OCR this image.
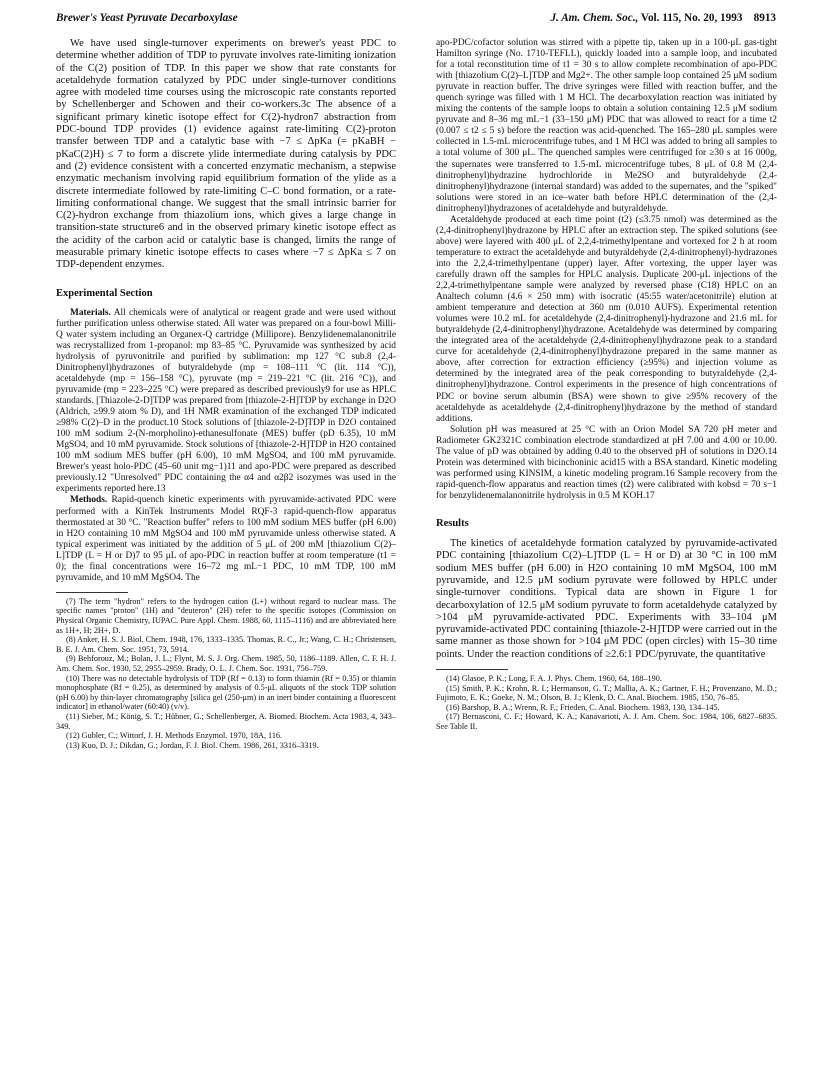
Brewer's Yeast Pyruvate Decarboxylase	J. Am. Chem. Soc., Vol. 115, No. 20, 1993 8913

We have used single-turnover experiments on brewer's yeast PDC to determine whether addition of TDP to pyruvate involves rate-limiting ionization of the C(2) position of TDP. In this paper we show that rate constants for acetaldehyde formation catalyzed by PDC under single-turnover conditions agree with modeled time courses using the microscopic rate constants reported by Schellenberger and Schowen and their co-workers.3c The absence of a significant primary kinetic isotope effect for C(2)-hydron7 abstraction from PDC-bound TDP provides (1) evidence against rate-limiting C(2)-proton transfer between TDP and a catalytic base with −7 ≤ ΔpKa (= pKaBH − pKaC(2)H) ≤ 7 to form a discrete ylide intermediate during catalysis by PDC and (2) evidence consistent with a concerted enzymatic mechanism, a stepwise enzymatic mechanism involving rapid equilibrium formation of the ylide as a discrete intermediate followed by rate-limiting C–C bond formation, or a rate-limiting conformational change. We suggest that the small intrinsic barrier for C(2)-hydron exchange from thiazolium ions, which gives a large change in transition-state structure6 and in the observed primary kinetic isotope effect as the acidity of the carbon acid or catalytic base is changed, limits the range of measurable primary kinetic isotope effects to cases where −7 ≤ ΔpKa ≤ 7 on TDP-dependent enzymes.

Experimental Section

Materials. All chemicals were of analytical or reagent grade and were used without further purification unless otherwise stated. All water was prepared on a four-bowl Milli-Q water system including an Organex-Q cartridge (Millipore). Benzylidenemalanonitrile was recrystallized from 1-propanol: mp 83–85 °C. Pyruvamide was synthesized by acid hydrolysis of pyruvonitrile and purified by sublimation: mp 127 °C sub.8 (2,4-Dinitrophenyl)hydrazones of butyraldehyde (mp = 108–111 °C (lit. 114 °C)), acetaldehyde (mp = 156–158 °C), pyruvate (mp = 219–221 °C (lit. 216 °C)), and pyruvamide (mp = 223–225 °C) were prepared as described previously9 for use as HPLC standards. [Thiazole-2-D]TDP was prepared from [thiazole-2-H]TDP by exchange in D2O (Aldrich, ≥99.9 atom % D), and 1H NMR examination of the exchanged TDP indicated ≥98% C(2)–D in the product.10 Stock solutions of [thiazole-2-D]TDP in D2O contained 100 mM sodium 2-(N-morpholino)-ethanesulfonate (MES) buffer (pD 6.35), 10 mM MgSO4, and 10 mM pyruvamide. Stock solutions of [thiazole-2-H]TDP in H2O contained 100 mM sodium MES buffer (pH 6.00), 10 mM MgSO4, and 100 mM pyruvamide. Brewer's yeast holo-PDC (45–60 unit mg−1)11 and apo-PDC were prepared as described previously.12 "Unresolved" PDC containing the α4 and α2β2 isozymes was used in the experiments reported here.13

Methods. Rapid-quench kinetic experiments with pyruvamide-activated PDC were performed with a KinTek Instruments Model RQF-3 rapid-quench-flow apparatus thermostated at 30 °C. "Reaction buffer" refers to 100 mM sodium MES buffer (pH 6.00) in H2O containing 10 mM MgSO4 and 100 mM pyruvamide unless otherwise stated. A typical experiment was initiated by the addition of 5 μL of 200 mM [thiazolium C(2)–L]TDP (L = H or D)7 to 95 μL of apo-PDC in reaction buffer at room temperature (t1 = 0); the final concentrations were 16–72 mg mL−1 PDC, 10 mM TDP, 100 mM pyruvamide, and 10 mM MgSO4. The

(7) The term "hydron" refers to the hydrogen cation (L+) without regard to nuclear mass. The specific names "proton" (1H) and "deuteron" (2H) refer to the specific isotopes (Commission on Physical Organic Chemistry, IUPAC. Pure Appl. Chem. 1988, 60, 1115–1116) and are abbreviated here as 1H+, H; 2H+, D.

(8) Anker, H. S. J. Biol. Chem. 1948, 176, 1333–1335. Thomas, R. C., Jr.; Wang, C. H.; Christensen, B. E. J. Am. Chem. Soc. 1951, 73, 5914.

(9) Behforouz, M.; Bolan, J. L.; Flynt, M. S. J. Org. Chem. 1985, 50, 1186–1189. Allen, C. F. H. J. Am. Chem. Soc. 1930, 52, 2955–2959. Brady, O. L. J. Chem. Soc. 1931, 756–759.

(10) There was no detectable hydrolysis of TDP (Rf = 0.13) to form thiamin (Rf = 0.35) or thiamin monophosphate (Rf = 0.25), as determined by analysis of 0.5-μL aliquots of the stock TDP solution (pH 6.00) by thin-layer chromatography [silica gel (250-μm) in an inert binder containing a fluorescent indicator] in ethanol/water (60:40) (v/v).

(11) Sieber, M.; König, S. T.; Hübner, G.; Schellenberger, A. Biomed. Biochem. Acta 1983, 4, 343–349.

(12) Gubler, C.; Wittorf, J. H. Methods Enzymol. 1970, 18A, 116.

(13) Kuo, D. J.; Dikdan, G.; Jordan, F. J. Biol. Chem. 1986, 261, 3316–3319.

apo-PDC/cofactor solution was stirred with a pipette tip, taken up in a 100-μL gas-tight Hamilton syringe (No. 1710-TEFLL), quickly loaded into a sample loop, and incubated for a total reconstitution time of t1 = 30 s to allow complete recombination of apo-PDC with [thiazolium C(2)–L]TDP and Mg2+. The other sample loop contained 25 μM sodium pyruvate in reaction buffer. The drive syringes were filled with reaction buffer, and the quench syringe was filled with 1 M HCl. The decarboxylation reaction was initiated by mixing the contents of the sample loops to obtain a solution containing 12.5 μM sodium pyruvate and 8–36 mg mL−1 (33–150 μM) PDC that was allowed to react for a time t2 (0.007 ≤ t2 ≤ 5 s) before the reaction was acid-quenched. The 165–280 μL samples were collected in 1.5-mL microcentrifuge tubes, and 1 M HCl was added to bring all samples to a total volume of 300 μL. The quenched samples were centrifuged for ≥30 s at 16 000g, the supernates were transferred to 1.5-mL microcentrifuge tubes, 8 μL of 0.8 M (2,4-dinitrophenyl)hydrazine hydrochloride in Me2SO and butyraldehyde (2,4-dinitrophenyl)hydrazone (internal standard) was added to the supernates, and the "spiked" solutions were stored in an ice–water bath before HPLC determination of the (2,4-dinitrophenyl)hydrazones of acetaldehyde and butyraldehyde.

Acetaldehyde produced at each time point (t2) (≤3.75 nmol) was determined as the (2,4-dinitrophenyl)hydrazone by HPLC after an extraction step. The spiked solutions (see above) were layered with 400 μL of 2,2,4-trimethylpentane and vortexed for 2 h at room temperature to extract the acetaldehyde and butyraldehyde (2,4-dinitrophenyl)-hydrazones into the 2,2,4-trimethylpentane (upper) layer. After vortexing, the upper layer was carefully drawn off the samples for HPLC analysis. Duplicate 200-μL injections of the 2,2,4-trimethylpentane sample were analyzed by reversed phase (C18) HPLC on an Analtech column (4.6 × 250 mm) with isocratic (45:55 water/acetonitrile) elution at ambient temperature and detection at 360 nm (0.010 AUFS). Experimental retention volumes were 10.2 mL for acetaldehyde (2,4-dinitrophenyl)-hydrazone and 21.6 mL for butyraldehyde (2,4-dinitrophenyl)hydrazone. Acetaldehyde was determined by comparing the integrated area of the acetaldehyde (2,4-dinitrophenyl)hydrazone peak to a standard curve for acetaldehyde (2,4-dinitrophenyl)hydrazone prepared in the same manner as above, after correction for extraction efficiency (≥95%) and injection volume as determined by the integrated area of the peak corresponding to butyraldehyde (2,4-dinitrophenyl)hydrazone. Control experiments in the presence of high concentrations of PDC or bovine serum albumin (BSA) were shown to give ≥95% recovery of the acetaldehyde as acetaldehyde (2,4-dinitrophenyl)hydrazone by the method of standard additions.

Solution pH was measured at 25 °C with an Orion Model SA 720 pH meter and Radiometer GK2321C combination electrode standardized at pH 7.00 and 4.00 or 10.00. The value of pD was obtained by adding 0.40 to the observed pH of solutions in D2O.14 Protein was determined with bicinchoninic acid15 with a BSA standard. Kinetic modeling was performed using KINSIM, a kinetic modeling program.16 Sample recovery from the rapid-quench-flow apparatus and reaction times (t2) were calibrated with kobsd = 70 s−1 for benzylidenemalanonitrile hydrolysis in 0.5 M KOH.17

Results

The kinetics of acetaldehyde formation catalyzed by pyruvamide-activated PDC containing [thiazolium C(2)–L]TDP (L = H or D) at 30 °C in 100 mM sodium MES buffer (pH 6.00) in H2O containing 10 mM MgSO4, 100 mM pyruvamide, and 12.5 μM sodium pyruvate were followed by HPLC under single-turnover conditions. Typical data are shown in Figure 1 for decarboxylation of 12.5 μM sodium pyruvate to form acetaldehyde catalyzed by >104 μM pyruvamide-activated PDC. Experiments with 33–104 μM pyruvamide-activated PDC containing [thiazole-2-H]TDP were carried out in the same manner as those shown for >104 μM PDC (open circles) with 15–30 time points. Under the reaction conditions of ≥2.6:1 PDC/pyruvate, the quantitative

(14) Glasoe, P. K.; Long, F. A. J. Phys. Chem. 1960, 64, 188–190.

(15) Smith, P. K.; Krohn, R. I.; Hermanson, G. T.; Mallia, A. K.; Gartner, F. H.; Provenzano, M. D.; Fujimoto, E. K.; Goeke, N. M.; Olson, B. J.; Klenk, D. C. Anal. Biochem. 1985, 150, 76–85.

(16) Barshop, B. A.; Wrenn, R. F.; Frieden, C. Anal. Biochem. 1983, 130, 134–145.

(17) Bernasconi, C. F.; Howard, K. A.; Kanavarioti, A. J. Am. Chem. Soc. 1984, 106, 6827–6835. See Table II.
